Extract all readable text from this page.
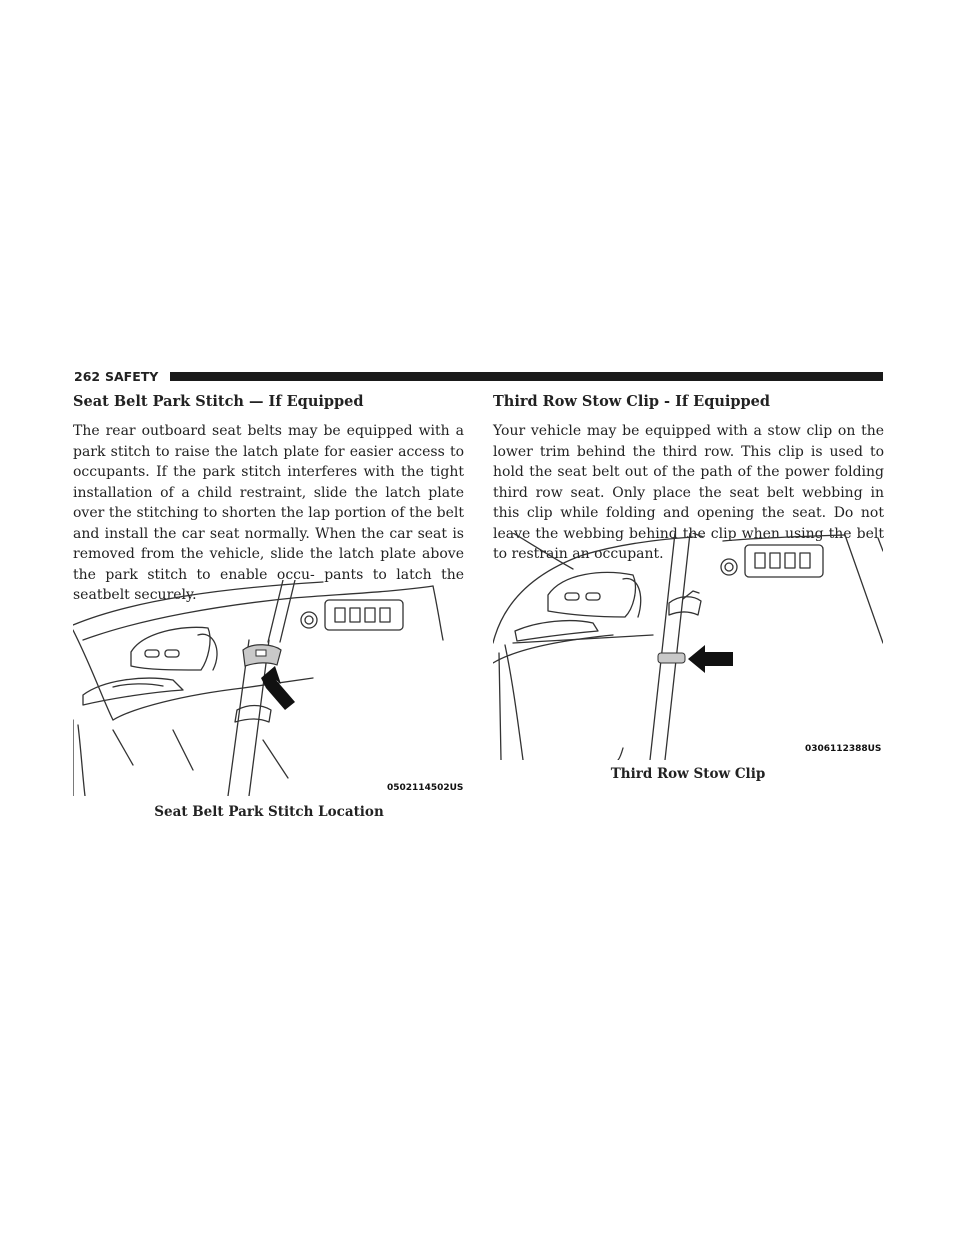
262 SAFETY
Seat Belt Park Stitch — If Equipped

The rear outboard seat belts may be equipped with a park stitch to raise the latch plate for easier access to occupants. If the park stitch interferes with the tight installation of a child restraint, slide the latch plate over the stitching to shorten the lap portion of the belt and install the car seat normally. When the car seat is removed from the vehicle, slide the latch plate above the park stitch to enable occu- pants to latch the seatbelt securely.

Third Row Stow Clip - If Equipped

Your vehicle may be equipped with a stow clip on the lower trim behind the third row. This clip is used to hold the seat belt out of the path of the power folding third row seat. Only place the seat belt webbing in this clip while folding and opening the seat. Do not leave the webbing behind the clip when using the belt to restrain an occupant.

0502114502US
Seat Belt Park Stitch Location
0306112388US
Third Row Stow Clip
